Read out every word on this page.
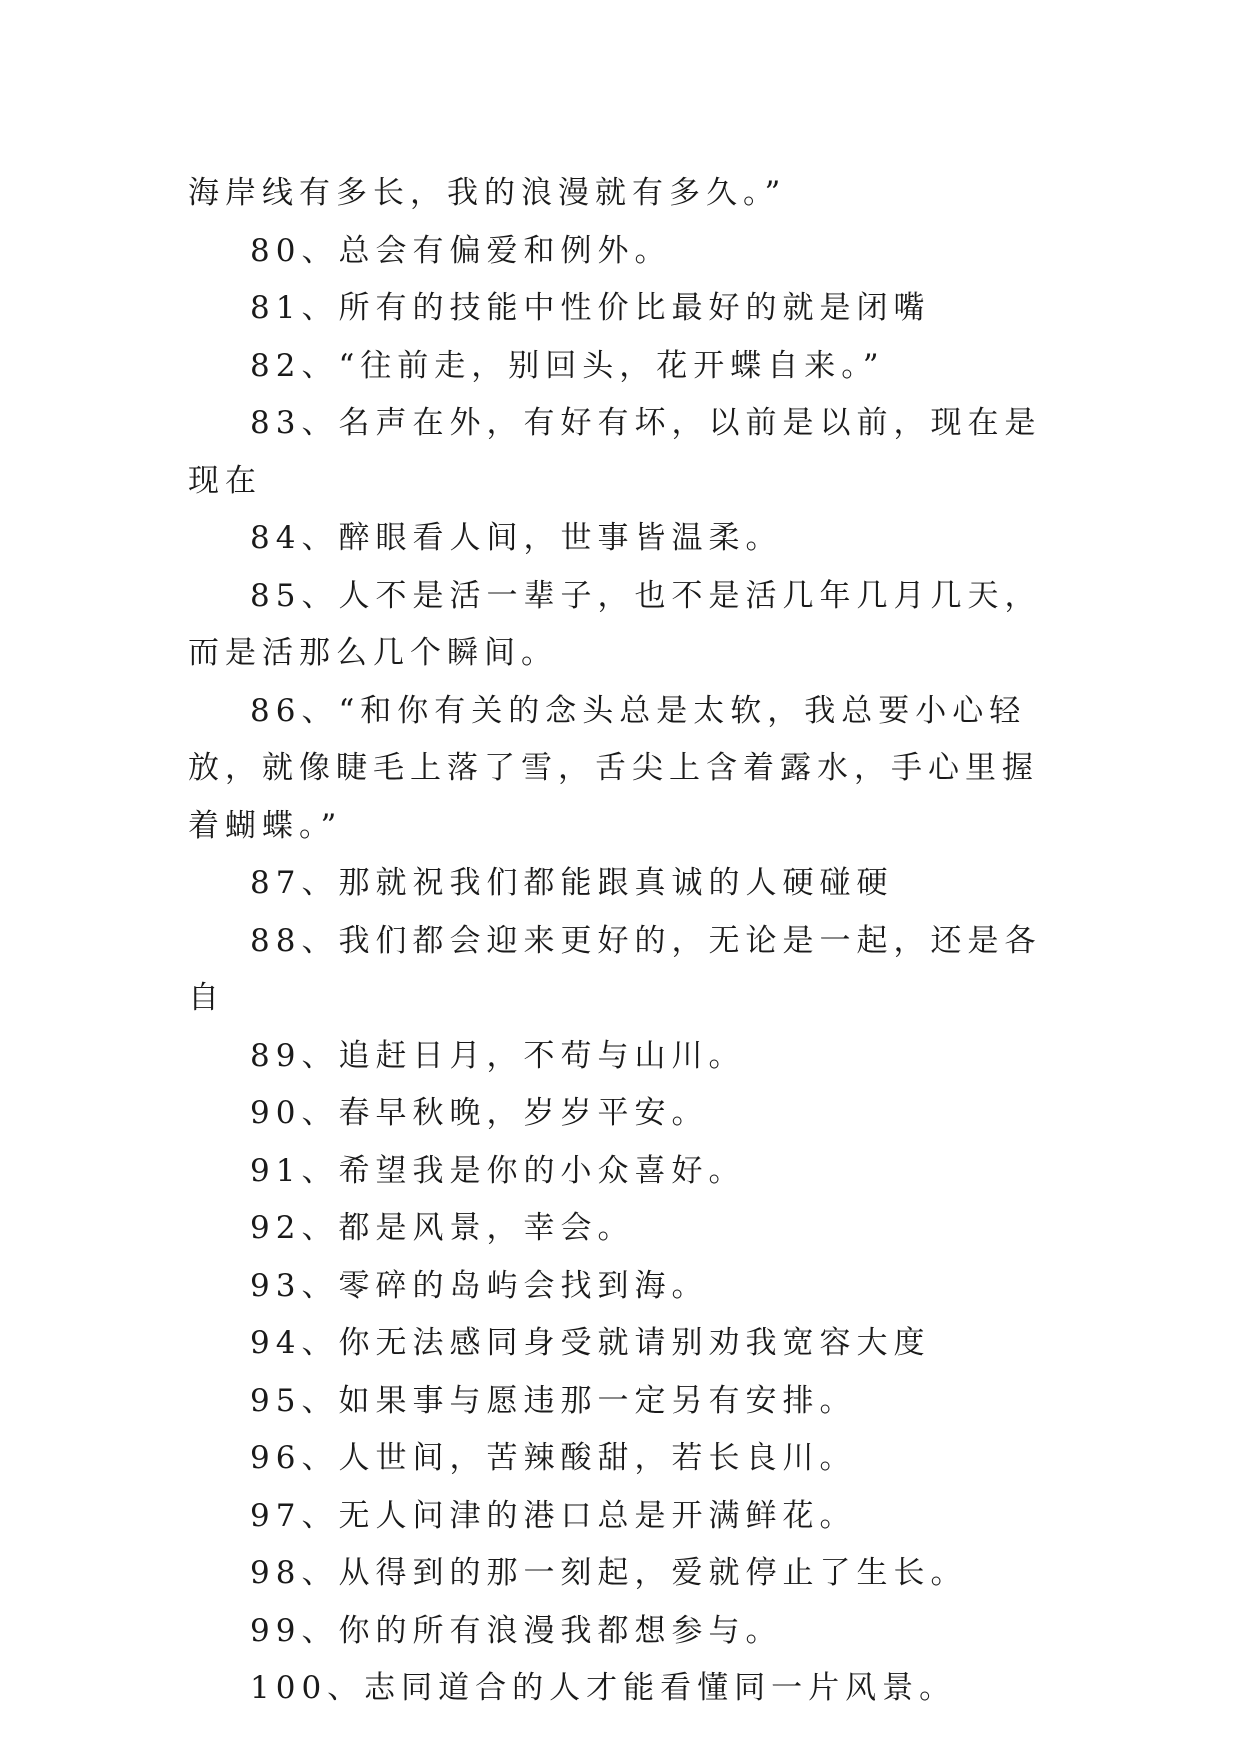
海岸线有多长，我的浪漫就有多久。”

80、总会有偏爱和例外。

81、所有的技能中性价比最好的就是闭嘴

82、“往前走，别回头，花开蝶自来。”

83、名声在外，有好有坏，以前是以前，现在是现在

84、醉眼看人间，世事皆温柔。

85、人不是活一辈子，也不是活几年几月几天，而是活那么几个瞬间。

86、“和你有关的念头总是太软，我总要小心轻放，就像睫毛上落了雪，舌尖上含着露水，手心里握着蝴蝶。”

87、那就祝我们都能跟真诚的人硬碰硬

88、我们都会迎来更好的，无论是一起，还是各自

89、追赶日月，不苟与山川。

90、春早秋晚，岁岁平安。

91、希望我是你的小众喜好。

92、都是风景，幸会。

93、零碎的岛屿会找到海。

94、你无法感同身受就请别劝我宽容大度

95、如果事与愿违那一定另有安排。

96、人世间，苦辣酸甜，若长良川。

97、无人问津的港口总是开满鲜花。

98、从得到的那一刻起，爱就停止了生长。

99、你的所有浪漫我都想参与。

100、志同道合的人才能看懂同一片风景。
